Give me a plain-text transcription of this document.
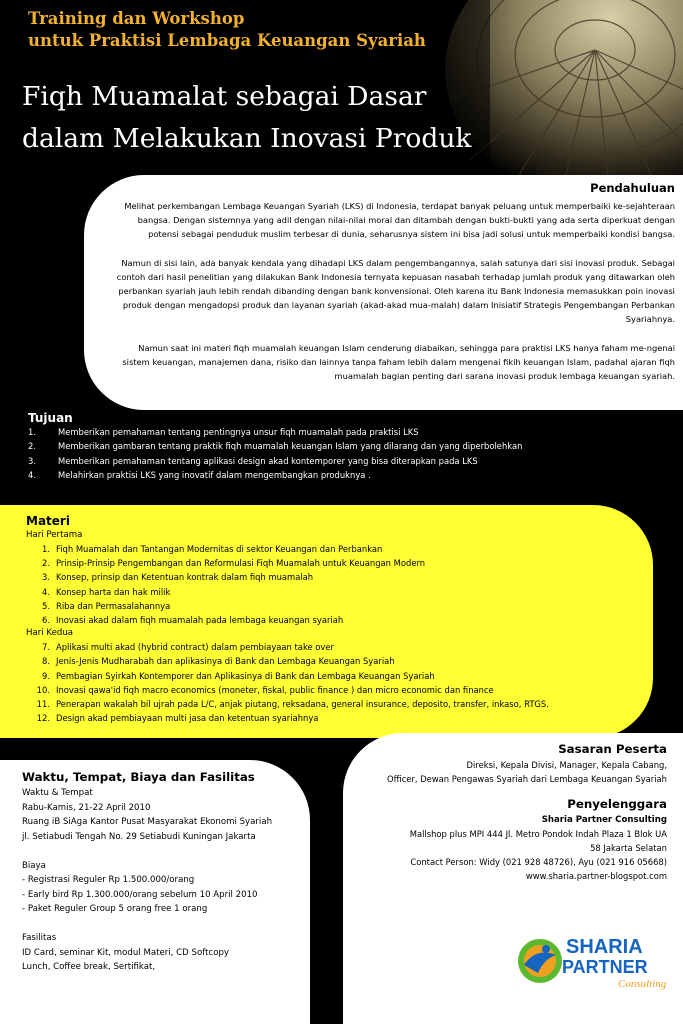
Training dan Workshop
untuk Praktisi Lembaga Keuangan Syariah
Fiqh Muamalat sebagai Dasar
dalam Melakukan Inovasi Produk
Pendahuluan

Melihat perkembangan Lembaga Keuangan Syariah (LKS) di Indonesia, terdapat banyak peluang untuk memperbaiki ke-sejahteraan bangsa. Dengan sistemnya yang adil dengan nilai-nilai moral dan ditambah dengan bukti-bukti yang ada serta diperkuat dengan potensi sebagai penduduk muslim terbesar di dunia, seharusnya sistem ini bisa jadi solusi untuk memperbaiki kondisi bangsa.

Namun di sisi lain, ada banyak kendala yang dihadapi LKS dalam pengembangannya, salah satunya dari sisi inovasi produk. Sebagai contoh dari hasil penelitian yang dilakukan Bank Indonesia ternyata kepuasan nasabah terhadap jumlah produk yang ditawarkan oleh perbankan syariah jauh lebih rendah dibanding dengan bank konvensional. Oleh karena itu Bank Indonesia memasukkan poin inovasi produk dengan mengadopsi produk dan layanan syariah (akad-akad mua-malah) dalam Inisiatif Strategis Pengembangan Perbankan Syariahnya.

Namun saat ini materi fiqh muamalah keuangan Islam cenderung diabaikan, sehingga para praktisi LKS hanya faham me-ngenai sistem keuangan, manajemen dana, risiko dan lainnya tanpa faham lebih dalam mengenai fikih keuangan Islam, padahal ajaran fiqh muamalah bagian penting dari sarana inovasi produk lembaga keuangan syariah.

Tujuan
1.	Memberikan pemahaman tentang pentingnya unsur fiqh muamalah pada praktisi LKS
2.	Memberikan gambaran tentang praktik fiqh muamalah keuangan Islam yang dilarang dan yang diperbolehkan
3.	Memberikan pemahaman tentang aplikasi design akad kontemporer yang bisa diterapkan pada LKS
4.	Melahirkan praktisi LKS yang inovatif dalam mengembangkan produknya .
Materi
Hari Pertama
1. Fiqh Muamalah dan Tantangan Modernitas di sektor Keuangan dan Perbankan
2. Prinsip-Prinsip Pengembangan dan Reformulasi Fiqh Muamalah untuk Keuangan Modern
3. Konsep, prinsip dan Ketentuan kontrak dalam fiqh muamalah
4. Konsep harta dan hak milik
5. Riba dan Permasalahannya
6. Inovasi akad dalam fiqh muamalah pada lembaga keuangan syariah
Hari Kedua
7. Aplikasi multi akad (hybrid contract) dalam pembiayaan take over
8. Jenis-Jenis Mudharabah dan aplikasinya di Bank dan Lembaga Keuangan Syariah
9. Pembagian Syirkah Kontemporer dan Aplikasinya di Bank dan Lembaga Keuangan Syariah
10. Inovasi qawa'id fiqh macro economics (moneter, fiskal, public finance ) dan micro economic dan finance
11. Penerapan wakalah bil ujrah pada L/C, anjak piutang, reksadana, general insurance, deposito, transfer, inkaso, RTGS.
12. Design akad pembiayaan multi jasa dan ketentuan syariahnya
Waktu, Tempat, Biaya dan Fasilitas
Waktu & Tempat
Rabu-Kamis, 21-22 April 2010
Ruang iB SiAga Kantor Pusat Masyarakat Ekonomi Syariah
jl. Setiabudi Tengah No. 29 Setiabudi Kuningan Jakarta
Biaya
- Registrasi Reguler Rp 1.500.000/orang
- Early bird Rp 1.300.000/orang sebelum 10 April 2010
- Paket Reguler Group 5 orang free 1 orang
Fasilitas
ID Card, seminar Kit, modul Materi, CD Softcopy
Lunch, Coffee break, Sertifikat,
Sasaran Peserta
Direksi, Kepala Divisi, Manager, Kepala Cabang,
Officer, Dewan Pengawas Syariah dari Lembaga Keuangan Syariah
Penyelenggara
Sharia Partner Consulting
Mallshop plus MPI 444 Jl. Metro Pondok Indah Plaza 1 Blok UA
58 Jakarta Selatan
Contact Person: Widy (021 928 48726), Ayu (021 916 05668)
www.sharia.partner-blogspot.com
SHARIA
PARTNER
Consulting
